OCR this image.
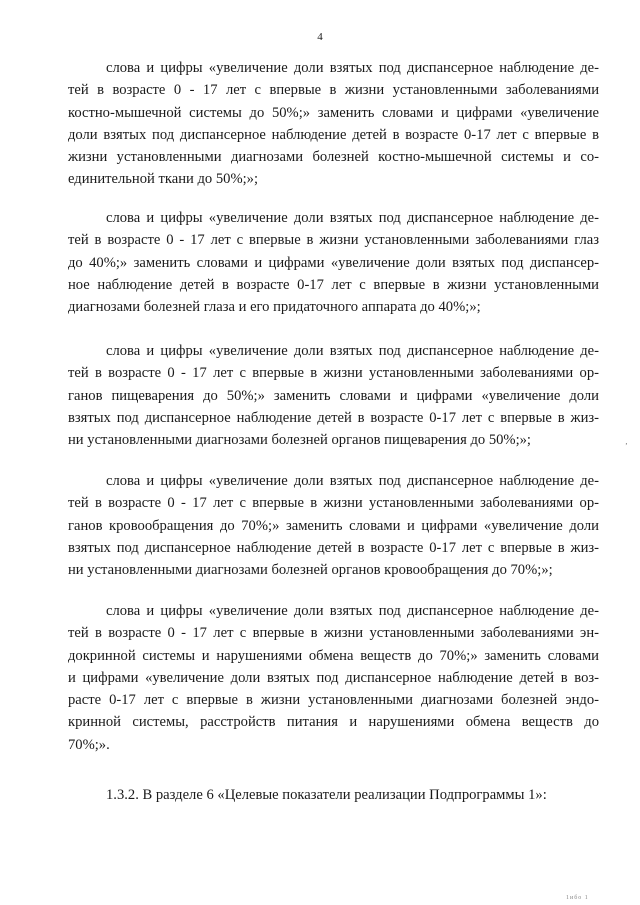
4
слова и цифры «увеличение доли взятых под диспансерное наблюдение де-
тей в возрасте 0 - 17 лет с впервые в жизни установленными заболеваниями
костно-мышечной системы до 50%;» заменить словами и цифрами «увеличение
доли взятых под диспансерное наблюдение детей в возрасте 0-17 лет с впервые в
жизни установленными диагнозами болезней костно-мышечной системы и со-
единительной ткани до 50%;»;
слова и цифры «увеличение доли взятых под диспансерное наблюдение де-
тей в возрасте 0 - 17 лет с впервые в жизни установленными заболеваниями глаз
до 40%;» заменить словами и цифрами «увеличение доли взятых под диспансер-
ное наблюдение детей в возрасте 0-17 лет с впервые в жизни установленными
диагнозами болезней глаза и его придаточного аппарата до 40%;»;
слова и цифры «увеличение доли взятых под диспансерное наблюдение де-
тей в возрасте 0 - 17 лет с впервые в жизни установленными заболеваниями ор-
ганов пищеварения до 50%;» заменить словами и цифрами «увеличение доли
взятых под диспансерное наблюдение детей в возрасте 0-17 лет с впервые в жиз-
ни установленными диагнозами болезней органов пищеварения до 50%;»;
слова и цифры «увеличение доли взятых под диспансерное наблюдение де-
тей в возрасте 0 - 17 лет с впервые в жизни установленными заболеваниями ор-
ганов кровообращения до 70%;» заменить словами и цифрами «увеличение доли
взятых под диспансерное наблюдение детей в возрасте 0-17 лет с впервые в жиз-
ни установленными диагнозами болезней органов кровообращения до 70%;»;
слова и цифры «увеличение доли взятых под диспансерное наблюдение де-
тей в возрасте 0 - 17 лет с впервые в жизни установленными заболеваниями эн-
докринной системы и нарушениями обмена веществ до 70%;» заменить словами
и цифрами «увеличение доли взятых под диспансерное наблюдение детей в воз-
расте 0-17 лет с впервые в жизни установленными диагнозами болезней эндо-
кринной системы, расстройств питания и нарушениями обмена веществ до
70%;».
1.3.2. В разделе 6 «Целевые показатели реализации Подпрограммы 1»:
‚
1ибо 1
